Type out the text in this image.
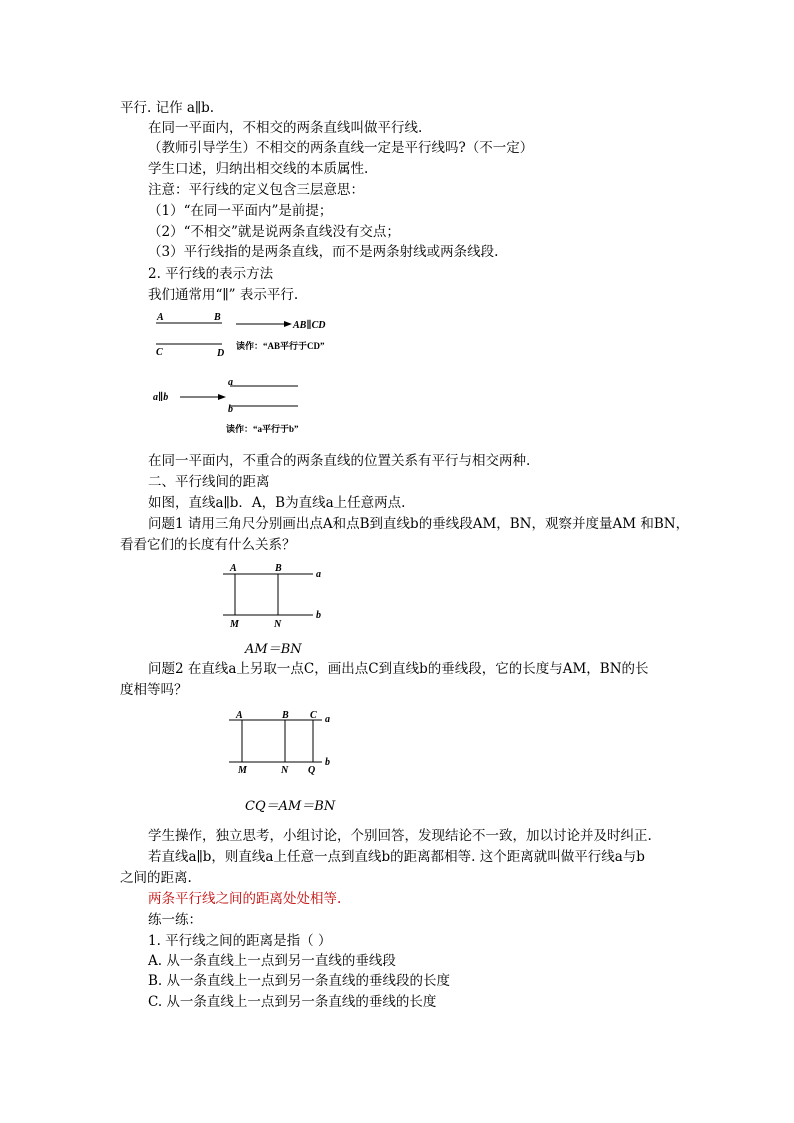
平行. 记作 a∥b.
在同一平面内，不相交的两条直线叫做平行线.
（教师引导学生）不相交的两条直线一定是平行线吗?（不一定）
学生口述，归纳出相交线的本质属性.
注意：平行线的定义包含三层意思：
（1）“在同一平面内”是前提；
（2）“不相交”就是说两条直线没有交点；
（3）平行线指的是两条直线，而不是两条射线或两条线段.
2. 平行线的表示方法
我们通常用“∥” 表示平行.
A	B
C	D
AB∥CD
读作：“AB平行于CD”
a∥b
a
b
读作：“a平行于b”
在同一平面内，不重合的两条直线的位置关系有平行与相交两种.
二、平行线间的距离
如图，直线a∥b．A，B为直线a上任意两点.
问题1 请用三角尺分别画出点A和点B到直线b的垂线段AM，BN，观察并度量AM 和BN，
看看它们的长度有什么关系？
A	B
a
b
M	N
AM＝BN
问题2 在直线a上另取一点C，画出点C到直线b的垂线段，它的长度与AM，BN的长
度相等吗？
A	B C a
b
M	N Q
CQ＝AM＝BN
学生操作，独立思考，小组讨论，个别回答，发现结论不一致，加以讨论并及时纠正.
若直线a∥b，则直线a上任意一点到直线b的距离都相等. 这个距离就叫做平行线a与b
之间的距离.
两条平行线之间的距离处处相等.
练一练：
1. 平行线之间的距离是指（ ）
A. 从一条直线上一点到另一直线的垂线段
B. 从一条直线上一点到另一条直线的垂线段的长度
C. 从一条直线上一点到另一条直线的垂线的长度
